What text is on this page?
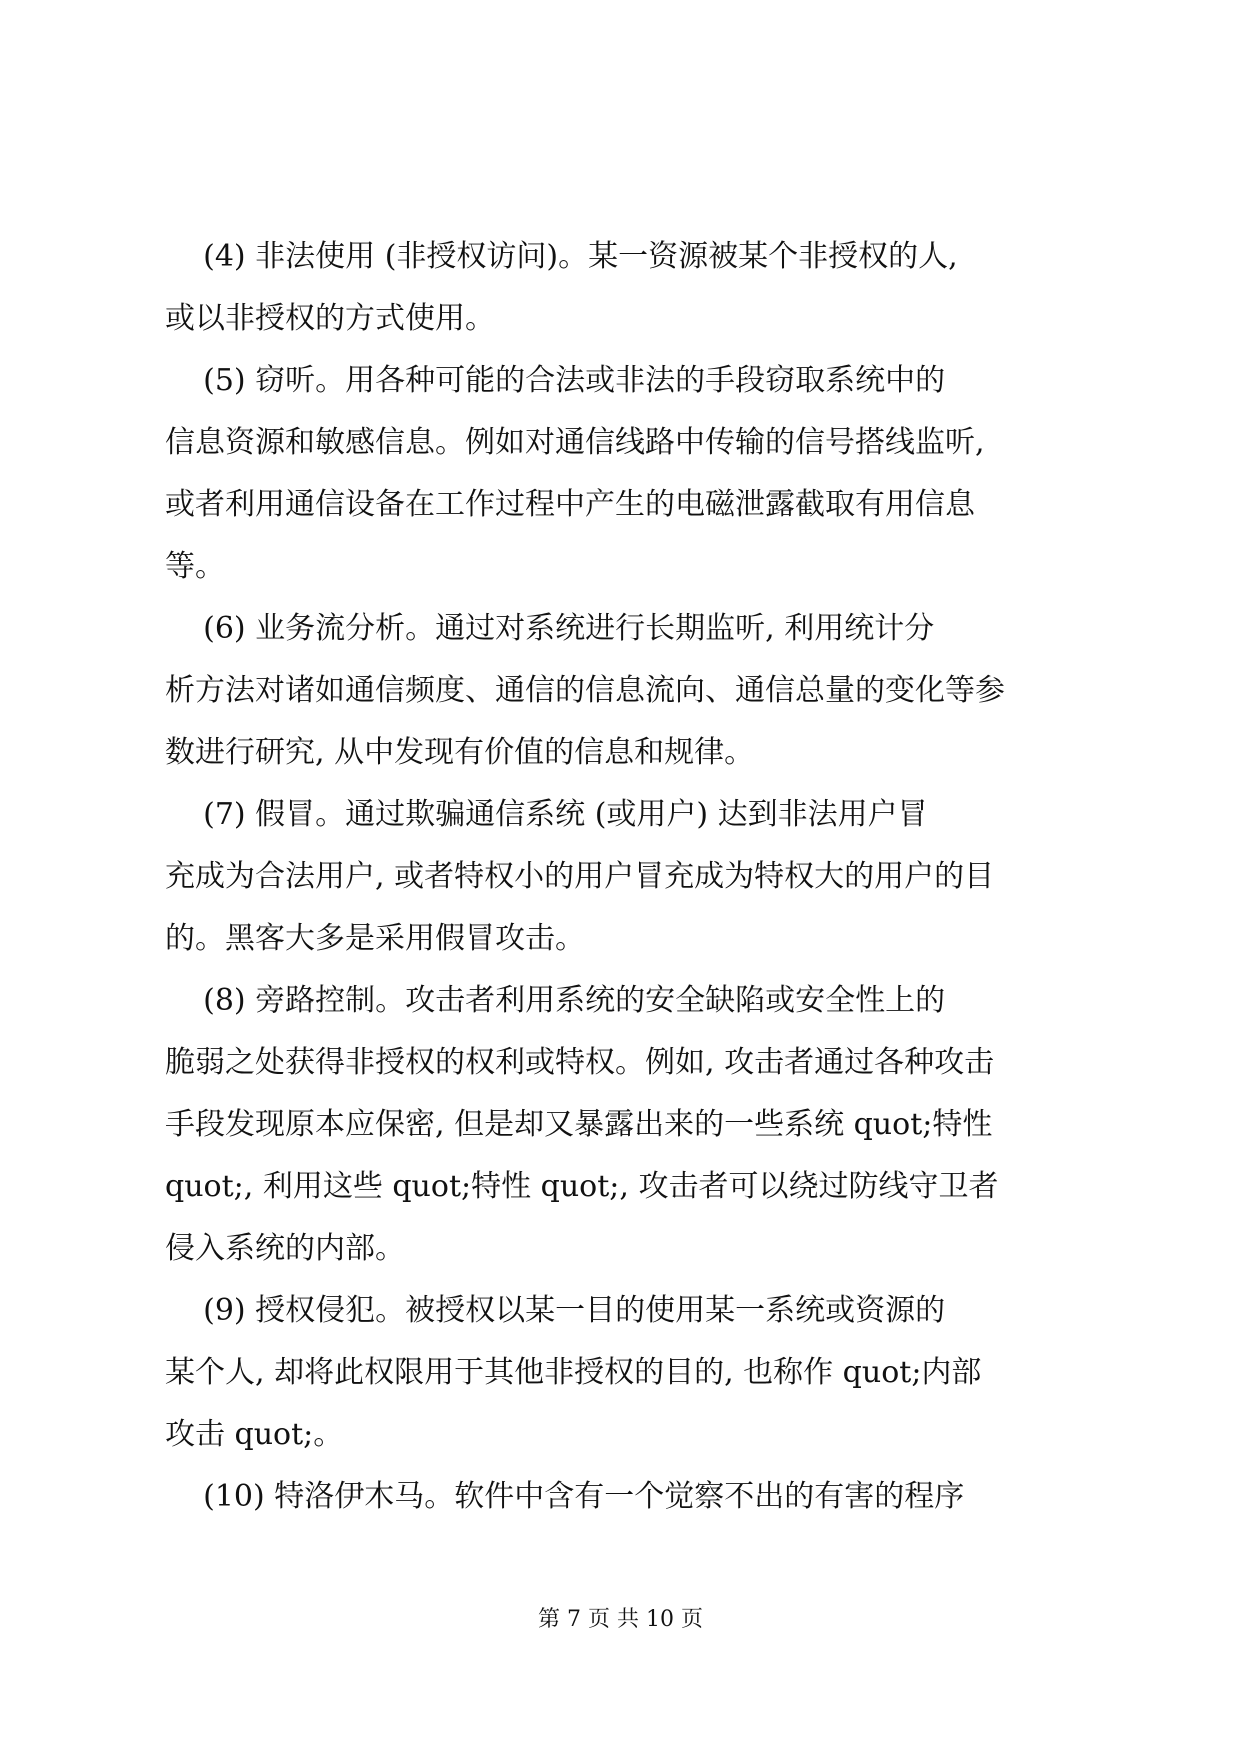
(4) 非法使用 (非授权访问)。某一资源被某个非授权的人,
或以非授权的方式使用。
(5) 窃听。用各种可能的合法或非法的手段窃取系统中的
信息资源和敏感信息。例如对通信线路中传输的信号搭线监听,
或者利用通信设备在工作过程中产生的电磁泄露截取有用信息
等。
(6) 业务流分析。通过对系统进行长期监听, 利用统计分
析方法对诸如通信频度、通信的信息流向、通信总量的变化等参
数进行研究, 从中发现有价值的信息和规律。
(7) 假冒。通过欺骗通信系统 (或用户) 达到非法用户冒
充成为合法用户, 或者特权小的用户冒充成为特权大的用户的目
的。黑客大多是采用假冒攻击。
(8) 旁路控制。攻击者利用系统的安全缺陷或安全性上的
脆弱之处获得非授权的权利或特权。例如, 攻击者通过各种攻击
手段发现原本应保密, 但是却又暴露出来的一些系统 quot;特性
quot;, 利用这些 quot;特性 quot;, 攻击者可以绕过防线守卫者
侵入系统的内部。
(9) 授权侵犯。被授权以某一目的使用某一系统或资源的
某个人, 却将此权限用于其他非授权的目的, 也称作 quot;内部
攻击 quot;。
(10) 特洛伊木马。软件中含有一个觉察不出的有害的程序
第 7 页 共 10 页
